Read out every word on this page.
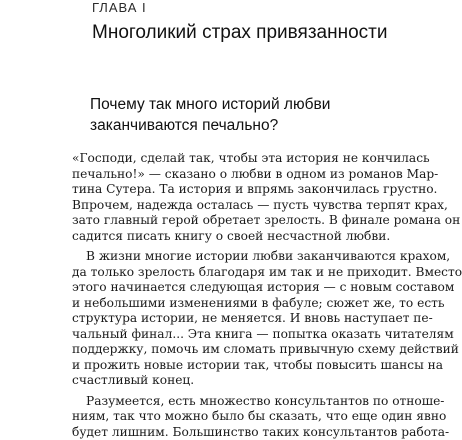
ГЛАВА I
Многоликий страх привязанности
Почему так много историй любви
заканчиваются печально?
«Господи, сделай так, чтобы эта история не кончилась
печально!» — сказано о любви в одном из романов Мар-
тина Сутера. Та история и впрямь закончилась грустно.
Впрочем, надежда осталась — пусть чувства терпят крах,
зато главный герой обретает зрелость. В финале романа он
садится писать книгу о своей несчастной любви.
В жизни многие истории любви заканчиваются крахом,
да только зрелость благодаря им так и не приходит. Вместо
этого начинается следующая история — с новым составом
и небольшими изменениями в фабуле; сюжет же, то есть
структура истории, не меняется. И вновь наступает пе-
чальный финал... Эта книга — попытка оказать читателям
поддержку, помочь им сломать привычную схему действий
и прожить новые истории так, чтобы повысить шансы на
счастливый конец.
Разумеется, есть множество консультантов по отноше-
ниям, так что можно было бы сказать, что еще один явно
будет лишним. Большинство таких консультантов работа-
